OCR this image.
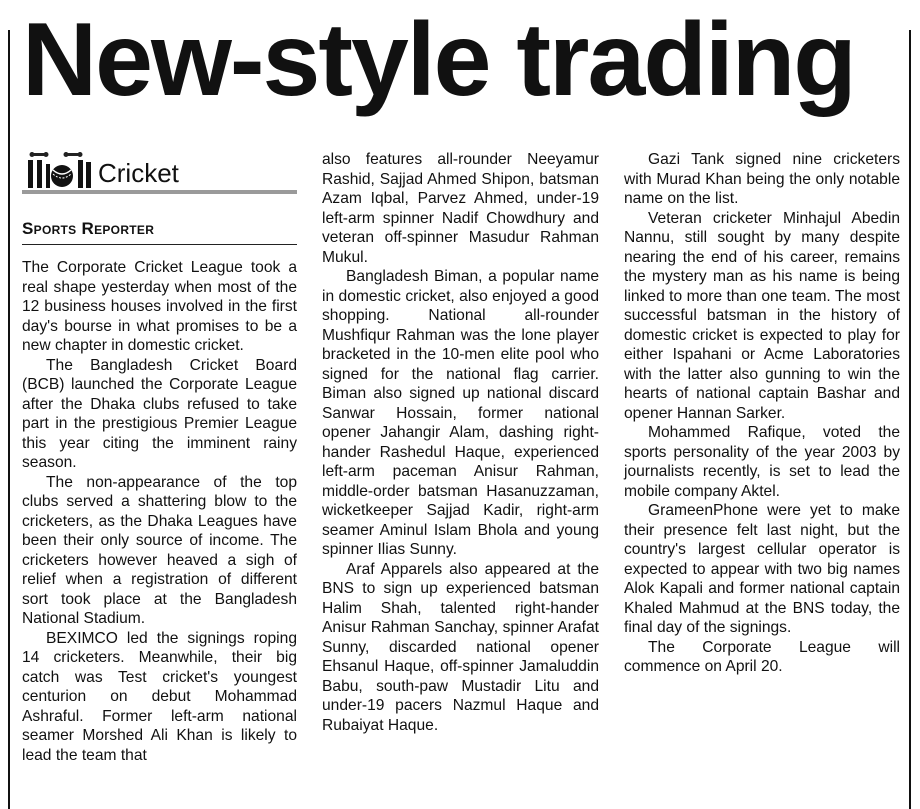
New-style trading
Cricket
Sports Reporter

The Corporate Cricket League took a real shape yesterday when most of the 12 business houses involved in the first day's bourse in what promises to be a new chapter in domestic cricket.

The Bangladesh Cricket Board (BCB) launched the Corporate League after the Dhaka clubs refused to take part in the prestigious Premier League this year citing the imminent rainy season.

The non-appearance of the top clubs served a shattering blow to the cricketers, as the Dhaka Leagues have been their only source of income. The cricketers however heaved a sigh of relief when a registration of different sort took place at the Bangladesh National Stadium.

BEXIMCO led the signings roping 14 cricketers. Meanwhile, their big catch was Test cricket's youngest centurion on debut Mohammad Ashraful. Former left-arm national seamer Morshed Ali Khan is likely to lead the team that

also features all-rounder Neeyamur Rashid, Sajjad Ahmed Shipon, batsman Azam Iqbal, Parvez Ahmed, under-19 left-arm spinner Nadif Chowdhury and veteran off-spinner Masudur Rahman Mukul.

Bangladesh Biman, a popular name in domestic cricket, also enjoyed a good shopping. National all-rounder Mushfiqur Rahman was the lone player bracketed in the 10-men elite pool who signed for the national flag carrier. Biman also signed up national discard Sanwar Hossain, former national opener Jahangir Alam, dashing right-hander Rashedul Haque, experienced left-arm paceman Anisur Rahman, middle-order batsman Hasanuzzaman, wicketkeeper Sajjad Kadir, right-arm seamer Aminul Islam Bhola and young spinner Ilias Sunny.

Araf Apparels also appeared at the BNS to sign up experienced batsman Halim Shah, talented right-hander Anisur Rahman Sanchay, spinner Arafat Sunny, discarded national opener Ehsanul Haque, off-spinner Jamaluddin Babu, south-paw Mustadir Litu and under-19 pacers Nazmul Haque and Rubaiyat Haque.

Gazi Tank signed nine cricketers with Murad Khan being the only notable name on the list.

Veteran cricketer Minhajul Abedin Nannu, still sought by many despite nearing the end of his career, remains the mystery man as his name is being linked to more than one team. The most successful batsman in the history of domestic cricket is expected to play for either Ispahani or Acme Laboratories with the latter also gunning to win the hearts of national captain Bashar and opener Hannan Sarker.

Mohammed Rafique, voted the sports personality of the year 2003 by journalists recently, is set to lead the mobile company Aktel.

GrameenPhone were yet to make their presence felt last night, but the country's largest cellular operator is expected to appear with two big names Alok Kapali and former national captain Khaled Mahmud at the BNS today, the final day of the signings.

The Corporate League will commence on April 20.
